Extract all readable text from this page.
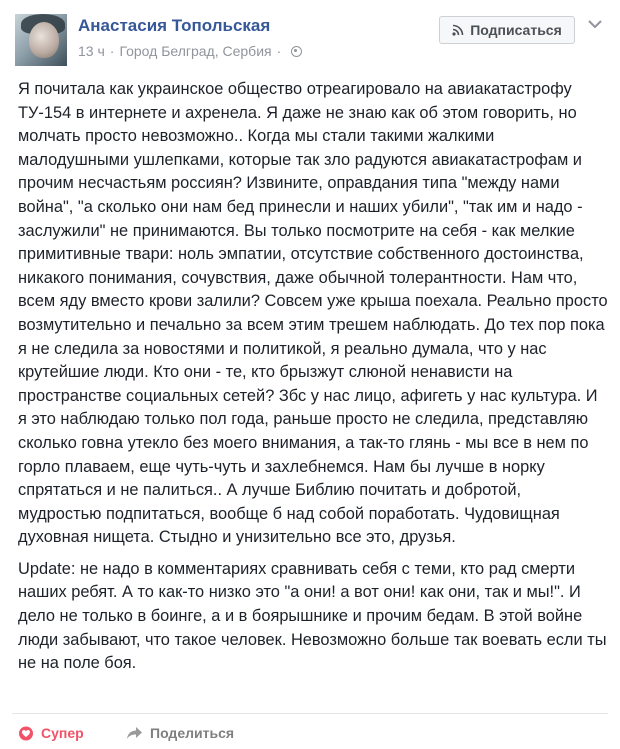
Анастасия Топольская
13 ч · Город Белград, Сербия ·
Подписаться

Я почитала как украинское общество отреагировало на авиакатастрофу ТУ-154 в интернете и ахренела. Я даже не знаю как об этом говорить, но молчать просто невозможно.. Когда мы стали такими жалкими малодушными ушлепками, которые так зло радуются авиакатастрофам и прочим несчастьям россиян? Извините, оправдания типа "между нами война", "а сколько они нам бед принесли и наших убили", "так им и надо - заслужили" не принимаются. Вы только посмотрите на себя - как мелкие примитивные твари: ноль эмпатии, отсутствие собственного достоинства, никакого понимания, сочувствия, даже обычной толерантности. Нам что, всем яду вместо крови залили? Совсем уже крыша поехала. Реально просто возмутительно и печально за всем этим трешем наблюдать. До тех пор пока я не следила за новостями и политикой, я реально думала, что у нас крутейшие люди. Кто они - те, кто брызжут слюной ненависти на пространстве социальных сетей? Збс у нас лицо, афигеть у нас культура. И я это наблюдаю только пол года, раньше просто не следила, представляю сколько говна утекло без моего внимания, а так-то глянь - мы все в нем по горло плаваем, еще чуть-чуть и захлебнемся. Нам бы лучше в норку спрятаться и не палиться.. А лучше Библию почитать и добротой, мудростью подпитаться, вообще б над собой поработать. Чудовищная духовная нищета. Стыдно и унизительно все это, друзья.

Update: не надо в комментариях сравнивать себя с теми, кто рад смерти наших ребят. А то как-то низко это "а они! а вот они! как они, так и мы!". И дело не только в боинге, а и в боярышнике и прочим бедам. В этой войне люди забывают, что такое человек. Невозможно больше так воевать если ты не на поле боя.

Супер	Поделиться
